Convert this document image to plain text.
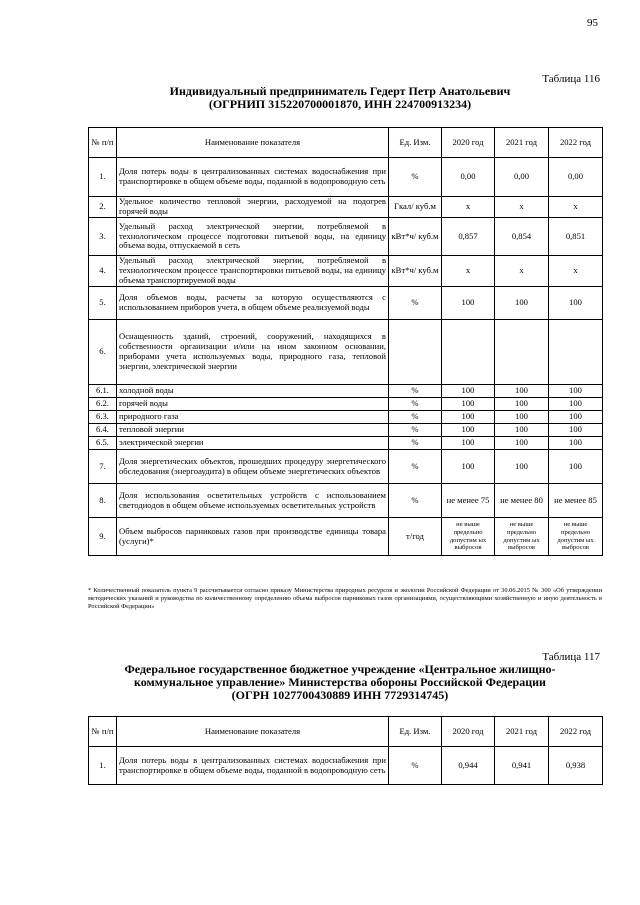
95
Таблица 116
Индивидуальный предприниматель Гедерт Петр Анатольевич
(ОГРНИП 315220700001870, ИНН 224700913234)
№ п/п	Наименование показателя	Ед. Изм.	2020 год	2021 год	2022 год
1.	Доля потерь воды в централизованных системах водоснабжения при транспортировке в общем объеме воды, поданной в водопроводную сеть	%	0,00	0,00	0,00
2.	Удельное количество тепловой энергии, расходуемой на подогрев горячей воды	Гкал/ куб.м	х	х	х
3.	Удельный расход электрической энергии, потребляемой в технологическом процессе подготовки питьевой воды, на единицу объема воды, отпускаемой в сеть	кВт*ч/ куб.м	0,857	0,854	0,851
4.	Удельный расход электрической энергии, потребляемой в технологическом процессе транспортировки питьевой воды, на единицу объема транспортируемой воды	кВт*ч/ куб.м	х	х	х
5.	Доля объемов воды, расчеты за которую осуществляются с использованием приборов учета, в общем объеме реализуемой воды	%	100	100	100
6.	Оснащенность зданий, строений, сооружений, находящихся в собственности организации и/или на ином законном основании, приборами учета используемых воды, природного газа, тепловой энергии, электрической энергии				
6.1.	холодной воды	%	100	100	100
6.2.	горячей воды	%	100	100	100
6.3.	природного газа	%	100	100	100
6.4.	тепловой энергии	%	100	100	100
6.5.	электрической энергии	%	100	100	100
7.	Доля энергетических объектов, прошедших процедуру энергетического обследования (энергоаудита) в общем объеме энергетических объектов	%	100	100	100
8.	Доля использования осветительных устройств с использованием светодиодов в общем объеме используемых осветительных устройств	%	не менее 75	не менее 80	не менее 85
9.	Объем выбросов парниковых газов при производстве единицы товара (услуги)*	т/год	не выше предельно допустим ых выбросов	не выше предельно допустим ых выбросов	не выше предельно допустим ых выбросов
* Количественный показатель пункта 9 рассчитывается согласно приказу Министерства природных ресурсов и экологии Российской Федерации от 30.06.2015 № 300 «Об утверждении методических указаний и руководства по количественному определению объема выбросов парниковых газов организациями, осуществляющими хозяйственную и иную деятельность в Российской Федерации»
Таблица 117
Федеральное государственное бюджетное учреждение «Центральное жилищно-
коммунальное управление» Министерства обороны Российской Федерации
(ОГРН 1027700430889 ИНН 7729314745)
№ п/п	Наименование показателя	Ед. Изм.	2020 год	2021 год	2022 год
1.	Доля потерь воды в централизованных системах водоснабжения при транспортировке в общем объеме воды, поданной в водопроводную сеть	%	0,944	0,941	0,938
